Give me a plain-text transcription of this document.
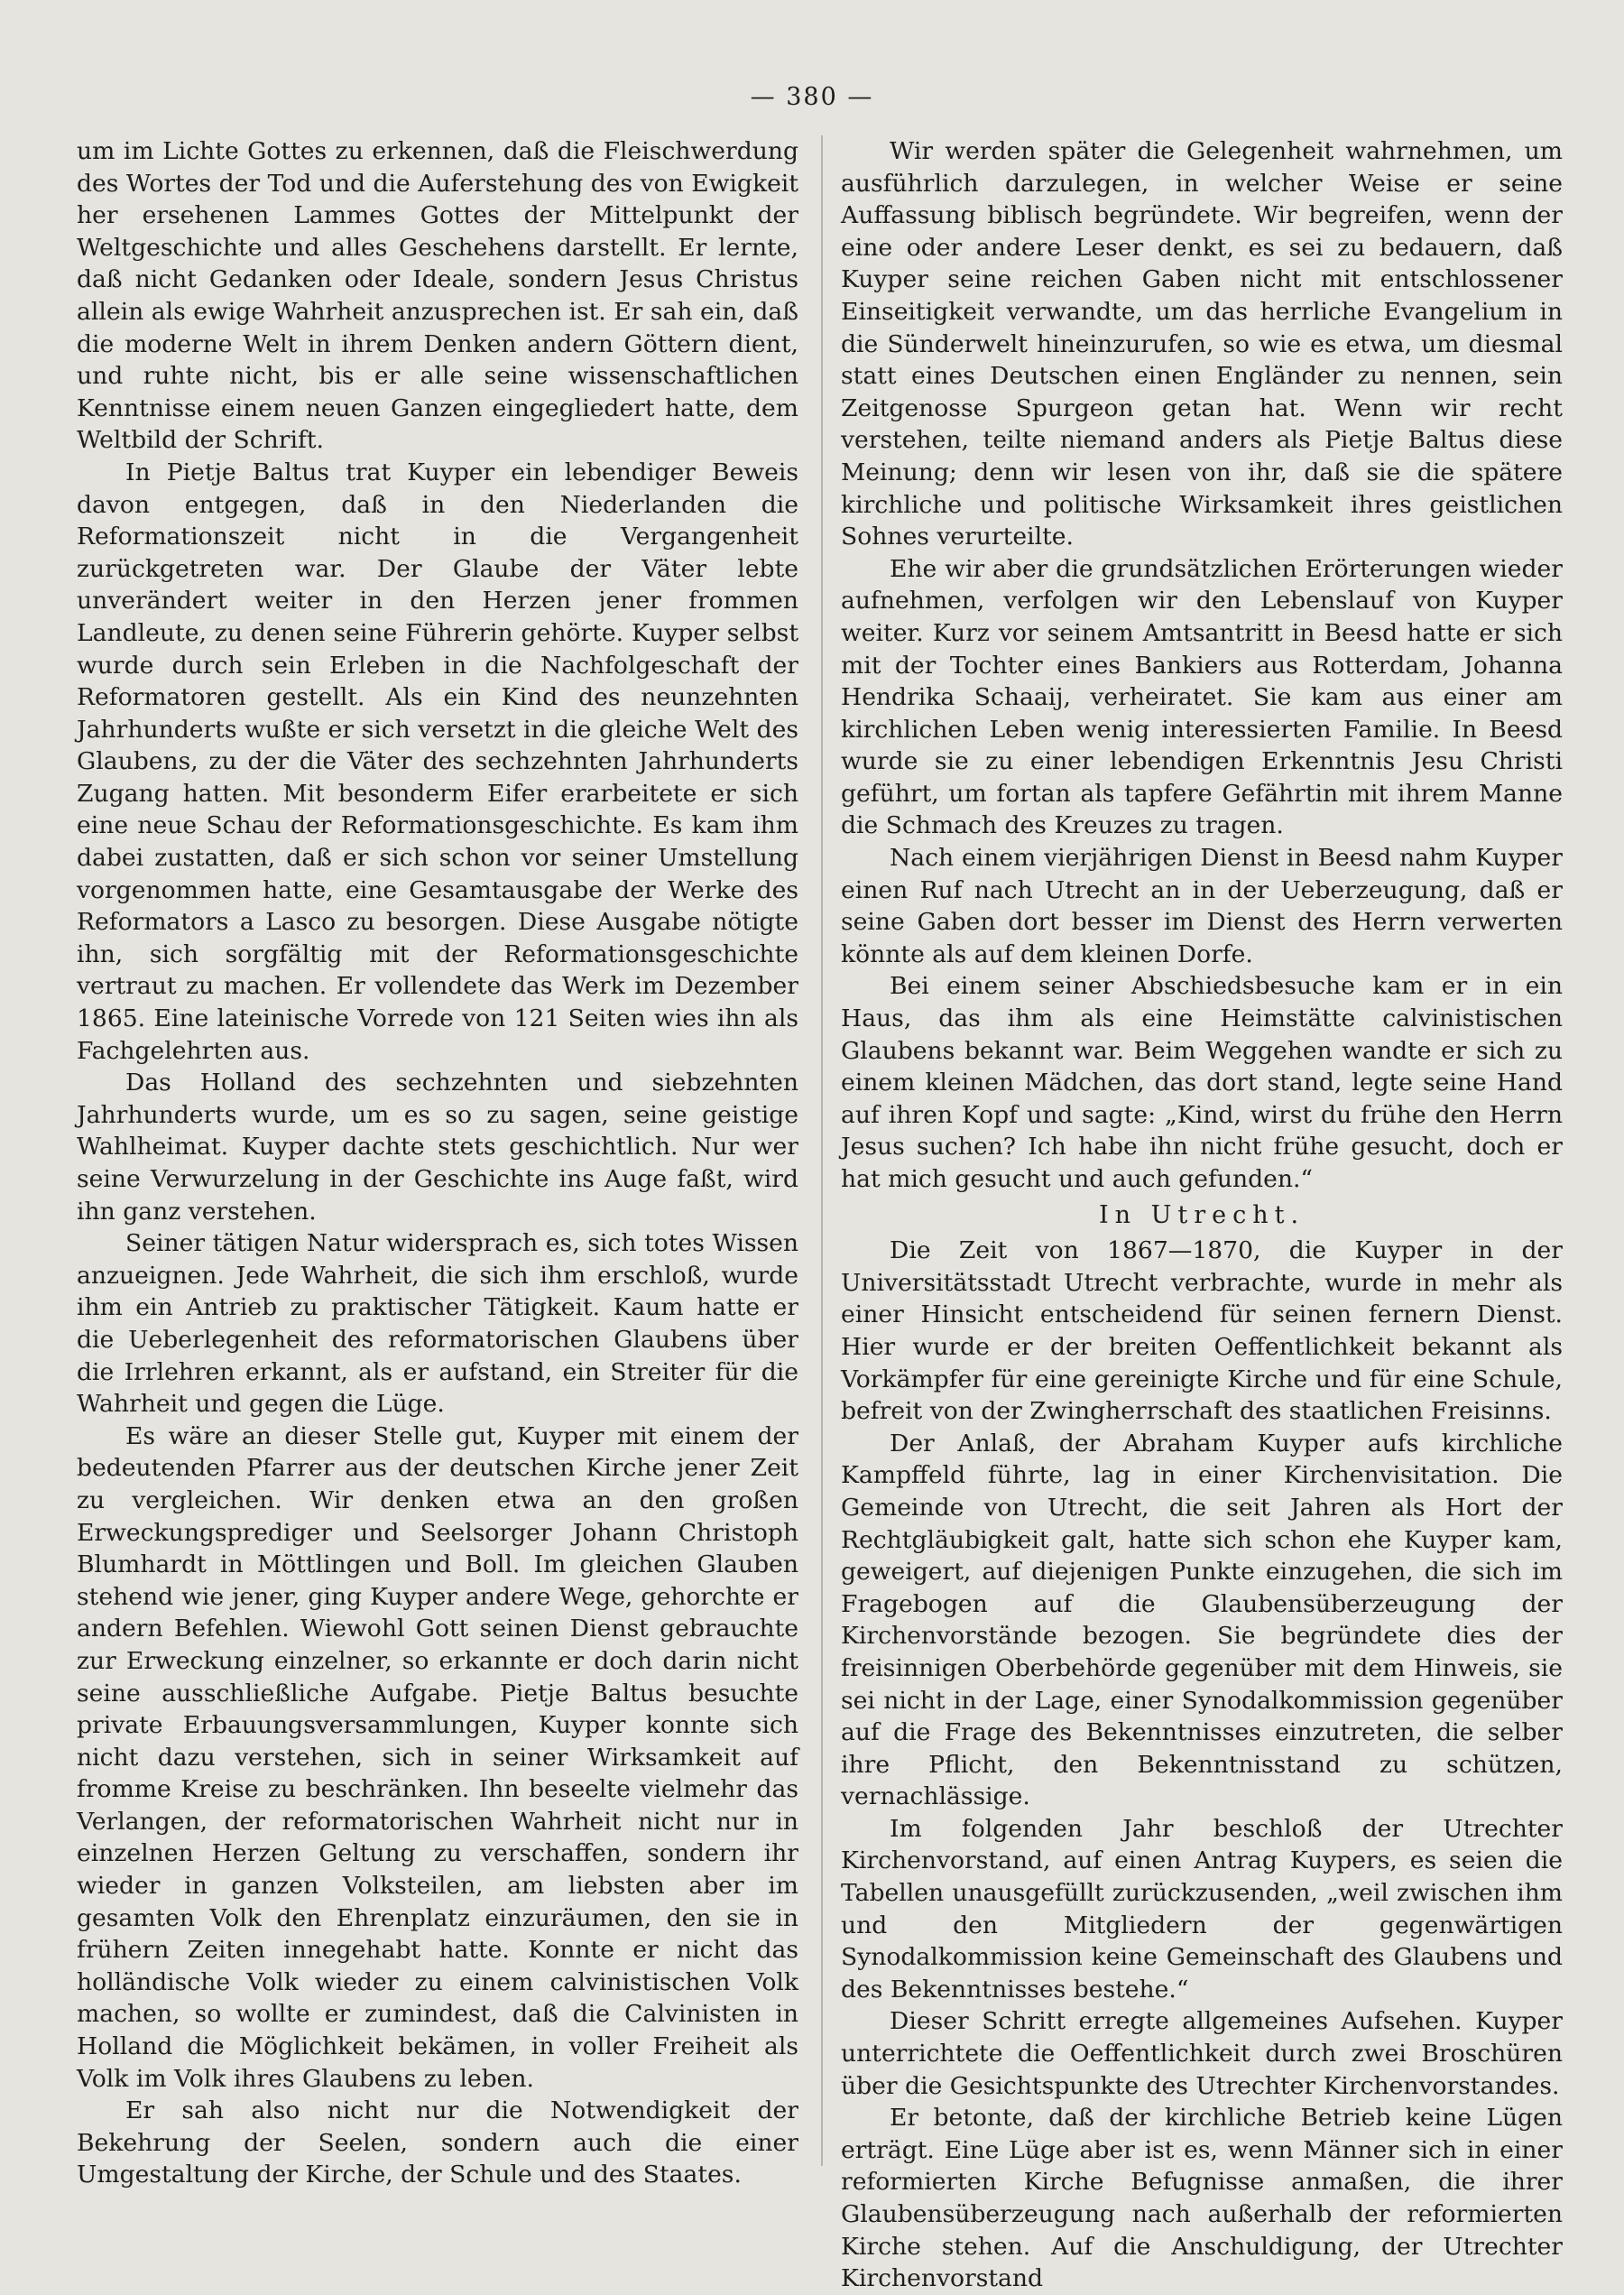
— 380 —

um im Lichte Gottes zu erkennen, daß die Fleischwerdung des Wortes der Tod und die Auferstehung des von Ewigkeit her ersehenen Lammes Gottes der Mittelpunkt der Weltgeschichte und alles Geschehens darstellt. Er lernte, daß nicht Gedanken oder Ideale, sondern Jesus Christus allein als ewige Wahrheit anzusprechen ist. Er sah ein, daß die moderne Welt in ihrem Denken andern Göttern dient, und ruhte nicht, bis er alle seine wissenschaftlichen Kenntnisse einem neuen Ganzen eingegliedert hatte, dem Weltbild der Schrift.

In Pietje Baltus trat Kuyper ein lebendiger Beweis davon entgegen, daß in den Niederlanden die Reformationszeit nicht in die Vergangenheit zurückgetreten war. Der Glaube der Väter lebte unverändert weiter in den Herzen jener frommen Landleute, zu denen seine Führerin gehörte. Kuyper selbst wurde durch sein Erleben in die Nachfolgeschaft der Reformatoren gestellt. Als ein Kind des neunzehnten Jahrhunderts wußte er sich versetzt in die gleiche Welt des Glaubens, zu der die Väter des sechzehnten Jahrhunderts Zugang hatten. Mit besonderm Eifer erarbeitete er sich eine neue Schau der Reformationsgeschichte. Es kam ihm dabei zustatten, daß er sich schon vor seiner Umstellung vorgenommen hatte, eine Gesamtausgabe der Werke des Reformators a Lasco zu besorgen. Diese Ausgabe nötigte ihn, sich sorgfältig mit der Reformationsgeschichte vertraut zu machen. Er vollendete das Werk im Dezember 1865. Eine lateinische Vorrede von 121 Seiten wies ihn als Fachgelehrten aus.

Das Holland des sechzehnten und siebzehnten Jahrhunderts wurde, um es so zu sagen, seine geistige Wahlheimat. Kuyper dachte stets geschichtlich. Nur wer seine Verwurzelung in der Geschichte ins Auge faßt, wird ihn ganz verstehen.

Seiner tätigen Natur widersprach es, sich totes Wissen anzueignen. Jede Wahrheit, die sich ihm erschloß, wurde ihm ein Antrieb zu praktischer Tätigkeit. Kaum hatte er die Ueberlegenheit des reformatorischen Glaubens über die Irrlehren erkannt, als er aufstand, ein Streiter für die Wahrheit und gegen die Lüge.

Es wäre an dieser Stelle gut, Kuyper mit einem der bedeutenden Pfarrer aus der deutschen Kirche jener Zeit zu vergleichen. Wir denken etwa an den großen Erweckungsprediger und Seelsorger Johann Christoph Blumhardt in Möttlingen und Boll. Im gleichen Glauben stehend wie jener, ging Kuyper andere Wege, gehorchte er andern Befehlen. Wiewohl Gott seinen Dienst gebrauchte zur Erweckung einzelner, so erkannte er doch darin nicht seine ausschließliche Aufgabe. Pietje Baltus besuchte private Erbauungsversammlungen, Kuyper konnte sich nicht dazu verstehen, sich in seiner Wirksamkeit auf fromme Kreise zu beschränken. Ihn beseelte vielmehr das Verlangen, der reformatorischen Wahrheit nicht nur in einzelnen Herzen Geltung zu verschaffen, sondern ihr wieder in ganzen Volksteilen, am liebsten aber im gesamten Volk den Ehrenplatz einzuräumen, den sie in frühern Zeiten innegehabt hatte. Konnte er nicht das holländische Volk wieder zu einem calvinistischen Volk machen, so wollte er zumindest, daß die Calvinisten in Holland die Möglichkeit bekämen, in voller Freiheit als Volk im Volk ihres Glaubens zu leben.

Er sah also nicht nur die Notwendigkeit der Bekehrung der Seelen, sondern auch die einer Umgestaltung der Kirche, der Schule und des Staates.

Wir werden später die Gelegenheit wahrnehmen, um ausführlich darzulegen, in welcher Weise er seine Auffassung biblisch begründete. Wir begreifen, wenn der eine oder andere Leser denkt, es sei zu bedauern, daß Kuyper seine reichen Gaben nicht mit entschlossener Einseitigkeit verwandte, um das herrliche Evangelium in die Sünderwelt hineinzurufen, so wie es etwa, um diesmal statt eines Deutschen einen Engländer zu nennen, sein Zeitgenosse Spurgeon getan hat. Wenn wir recht verstehen, teilte niemand anders als Pietje Baltus diese Meinung; denn wir lesen von ihr, daß sie die spätere kirchliche und politische Wirksamkeit ihres geistlichen Sohnes verurteilte.

Ehe wir aber die grundsätzlichen Erörterungen wieder aufnehmen, verfolgen wir den Lebenslauf von Kuyper weiter. Kurz vor seinem Amtsantritt in Beesd hatte er sich mit der Tochter eines Bankiers aus Rotterdam, Johanna Hendrika Schaaij, verheiratet. Sie kam aus einer am kirchlichen Leben wenig interessierten Familie. In Beesd wurde sie zu einer lebendigen Erkenntnis Jesu Christi geführt, um fortan als tapfere Gefährtin mit ihrem Manne die Schmach des Kreuzes zu tragen.

Nach einem vierjährigen Dienst in Beesd nahm Kuyper einen Ruf nach Utrecht an in der Ueberzeugung, daß er seine Gaben dort besser im Dienst des Herrn verwerten könnte als auf dem kleinen Dorfe.

Bei einem seiner Abschiedsbesuche kam er in ein Haus, das ihm als eine Heimstätte calvinistischen Glaubens bekannt war. Beim Weggehen wandte er sich zu einem kleinen Mädchen, das dort stand, legte seine Hand auf ihren Kopf und sagte: „Kind, wirst du frühe den Herrn Jesus suchen? Ich habe ihn nicht frühe gesucht, doch er hat mich gesucht und auch gefunden.“

In Utrecht.

Die Zeit von 1867—1870, die Kuyper in der Universitätsstadt Utrecht verbrachte, wurde in mehr als einer Hinsicht entscheidend für seinen fernern Dienst. Hier wurde er der breiten Oeffentlichkeit bekannt als Vorkämpfer für eine gereinigte Kirche und für eine Schule, befreit von der Zwingherrschaft des staatlichen Freisinns.

Der Anlaß, der Abraham Kuyper aufs kirchliche Kampffeld führte, lag in einer Kirchenvisitation. Die Gemeinde von Utrecht, die seit Jahren als Hort der Rechtgläubigkeit galt, hatte sich schon ehe Kuyper kam, geweigert, auf diejenigen Punkte einzugehen, die sich im Fragebogen auf die Glaubensüberzeugung der Kirchenvorstände bezogen. Sie begründete dies der freisinnigen Oberbehörde gegenüber mit dem Hinweis, sie sei nicht in der Lage, einer Synodalkommission gegenüber auf die Frage des Bekenntnisses einzutreten, die selber ihre Pflicht, den Bekenntnisstand zu schützen, vernachlässige.

Im folgenden Jahr beschloß der Utrechter Kirchenvorstand, auf einen Antrag Kuypers, es seien die Tabellen unausgefüllt zurückzusenden, „weil zwischen ihm und den Mitgliedern der gegenwärtigen Synodalkommission keine Gemeinschaft des Glaubens und des Bekenntnisses bestehe.“

Dieser Schritt erregte allgemeines Aufsehen. Kuyper unterrichtete die Oeffentlichkeit durch zwei Broschüren über die Gesichtspunkte des Utrechter Kirchenvorstandes.

Er betonte, daß der kirchliche Betrieb keine Lügen erträgt. Eine Lüge aber ist es, wenn Männer sich in einer reformierten Kirche Befugnisse anmaßen, die ihrer Glaubensüberzeugung nach außerhalb der reformierten Kirche stehen. Auf die Anschuldigung, der Utrechter Kirchenvorstand
